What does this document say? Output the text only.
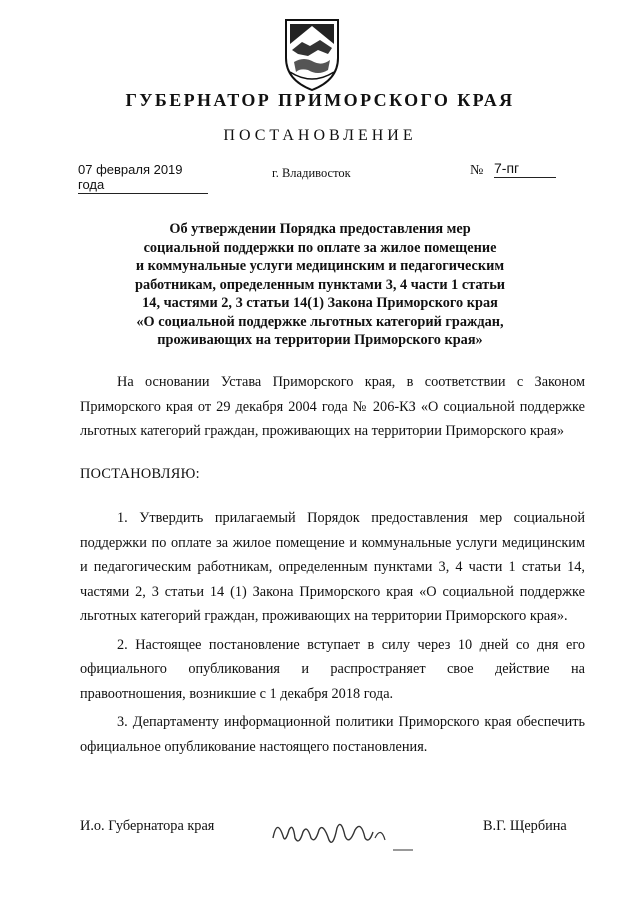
ГУБЕРНАТОР ПРИМОРСКОГО КРАЯ
ПОСТАНОВЛЕНИЕ
07 февраля 2019 года
г. Владивосток	№ 7-пг
Об утверждении Порядка предоставления мер
социальной поддержки по оплате за жилое помещение
и коммунальные услуги медицинским и педагогическим
работникам, определенным пунктами 3, 4 части 1 статьи
14, частями 2, 3 статьи 14(1) Закона Приморского края
«О социальной поддержке льготных категорий граждан,
проживающих на территории Приморского края»

На основании Устава Приморского края, в соответствии с Законом Приморского края от 29 декабря 2004 года № 206-КЗ «О социальной поддержке льготных категорий граждан, проживающих на территории Приморского края»

ПОСТАНОВЛЯЮ:

1. Утвердить прилагаемый Порядок предоставления мер социальной поддержки по оплате за жилое помещение и коммунальные услуги медицинским и педагогическим работникам, определенным пунктами 3, 4 части 1 статьи 14, частями 2, 3 статьи 14 (1) Закона Приморского края «О социальной поддержке льготных категорий граждан, проживающих на территории Приморского края».

2. Настоящее постановление вступает в силу через 10 дней со дня его официального опубликования и распространяет свое действие на правоотношения, возникшие с 1 декабря 2018 года.

3. Департаменту информационной политики Приморского края обеспечить официальное опубликование настоящего постановления.

И.о. Губернатора края	В.Г. Щербина
